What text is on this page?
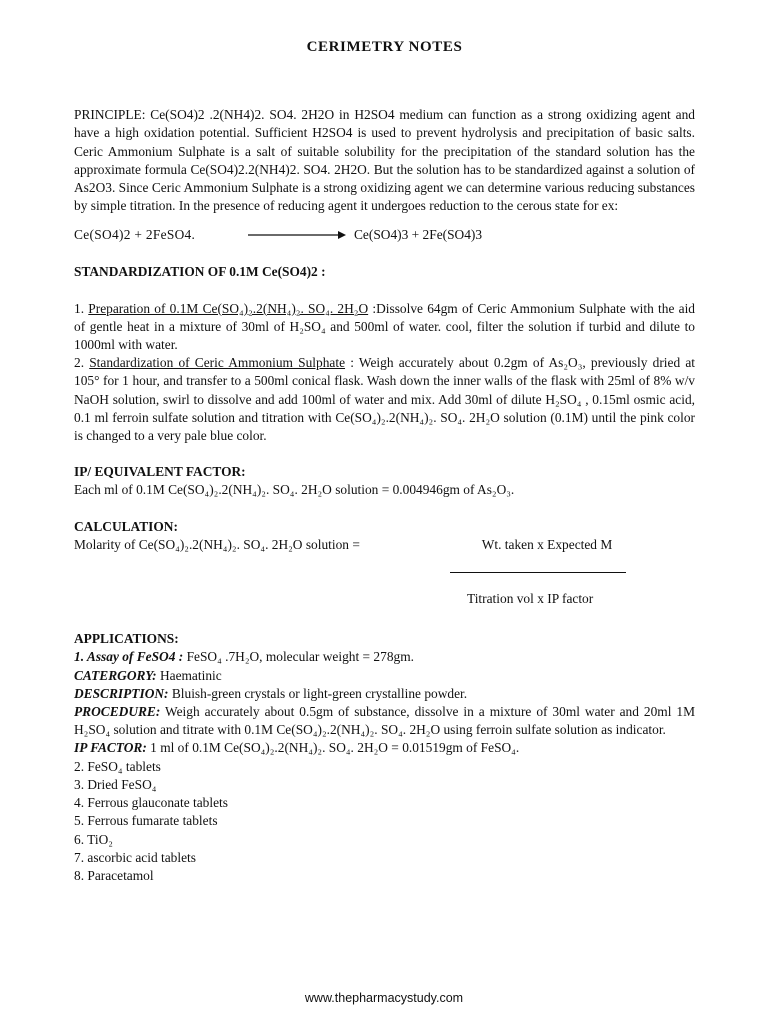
CERIMETRY NOTES

PRINCIPLE: Ce(SO4)2 .2(NH4)2. SO4. 2H2O in H2SO4 medium can function as a strong oxidizing agent and have a high oxidation potential. Sufficient H2SO4 is used to prevent hydrolysis and precipitation of basic salts. Ceric Ammonium Sulphate is a salt of suitable solubility for the precipitation of the standard solution has the approximate formula Ce(SO4)2.2(NH4)2. SO4. 2H2O. But the solution has to be standardized against a solution of As2O3. Since Ceric Ammonium Sulphate is a strong oxidizing agent we can determine various reducing substances by simple titration. In the presence of reducing agent it undergoes reduction to the cerous state for ex:

Ce(SO4)2 + 2FeSO4.	Ce(SO4)3 + 2Fe(SO4)3

STANDARDIZATION OF 0.1M Ce(SO4)2 :

1. Preparation of 0.1M Ce(SO₄)₂.2(NH₄)₂. SO₄. 2H₂O :Dissolve 64gm of Ceric Ammonium Sulphate with the aid of gentle heat in a mixture of 30ml of H₂SO₄ and 500ml of water. cool, filter the solution if turbid and dilute to 1000ml with water.

2. Standardization of Ceric Ammonium Sulphate : Weigh accurately about 0.2gm of As₂O₃, previously dried at 105° for 1 hour, and transfer to a 500ml conical flask. Wash down the inner walls of the flask with 25ml of 8% w/v NaOH solution, swirl to dissolve and add 100ml of water and mix. Add 30ml of dilute H₂SO₄ , 0.15ml osmic acid, 0.1 ml ferroin sulfate solution and titration with Ce(SO₄)₂.2(NH₄)₂. SO₄. 2H₂O solution (0.1M) until the pink color is changed to a very pale blue color.

IP/ EQUIVALENT FACTOR:

Each ml of 0.1M Ce(SO₄)₂.2(NH₄)₂. SO₄. 2H₂O solution = 0.004946gm of As₂O₃.

CALCULATION:

Molarity of Ce(SO₄)₂.2(NH₄)₂. SO₄. 2H₂O solution =	Wt. taken x Expected M
Titration vol x IP factor

APPLICATIONS:

1. Assay of FeSO4 : FeSO₄ .7H₂O, molecular weight = 278gm.

CATERGORY: Haematinic

DESCRIPTION: Bluish-green crystals or light-green crystalline powder.

PROCEDURE: Weigh accurately about 0.5gm of substance, dissolve in a mixture of 30ml water and 20ml 1M H₂SO₄ solution and titrate with 0.1M Ce(SO₄)₂.2(NH₄)₂. SO₄. 2H₂O using ferroin sulfate solution as indicator.

IP FACTOR: 1 ml of 0.1M Ce(SO₄)₂.2(NH₄)₂. SO₄. 2H₂O = 0.01519gm of FeSO₄.

2. FeSO₄ tablets

3. Dried FeSO₄

4. Ferrous glauconate tablets

5. Ferrous fumarate tablets

6. TiO₂

7. ascorbic acid tablets

8. Paracetamol

www.thepharmacystudy.com
